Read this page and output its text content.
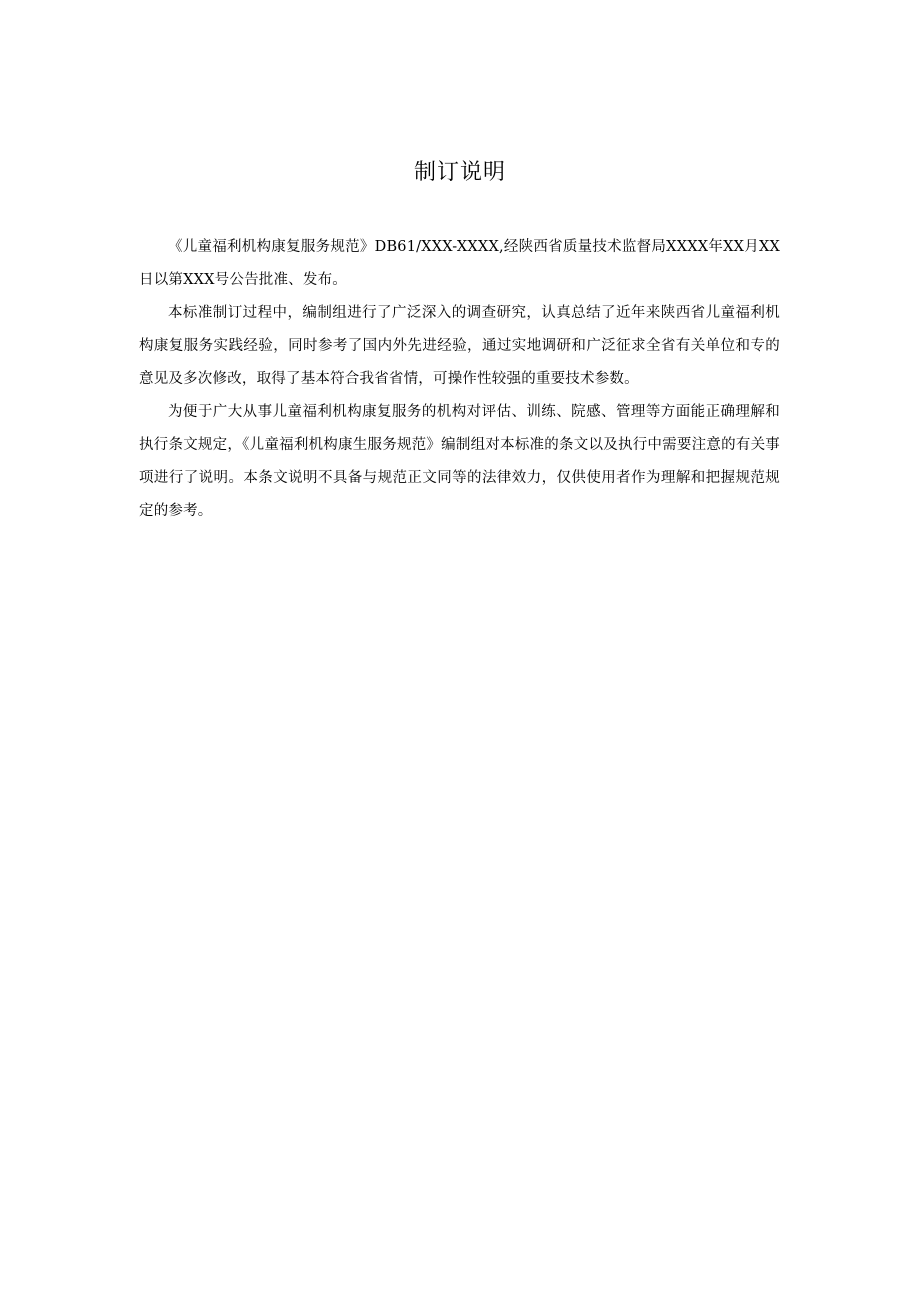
制订说明

《儿童福利机构康复服务规范》DB61/XXX-XXXX,经陕西省质量技术监督局XXXX年XX月XX日以第XXX号公告批准、发布。

本标准制订过程中，编制组进行了广泛深入的调查研究，认真总结了近年来陕西省儿童福利机构康复服务实践经验，同时参考了国内外先进经验，通过实地调研和广泛征求全省有关单位和专的意见及多次修改，取得了基本符合我省省情，可操作性较强的重要技术参数。

为便于广大从事儿童福利机构康复服务的机构对评估、训练、院感、管理等方面能正确理解和执行条文规定，《儿童福利机构康生服务规范》编制组对本标准的条文以及执行中需要注意的有关事项进行了说明。本条文说明不具备与规范正文同等的法律效力，仅供使用者作为理解和把握规范规定的参考。
